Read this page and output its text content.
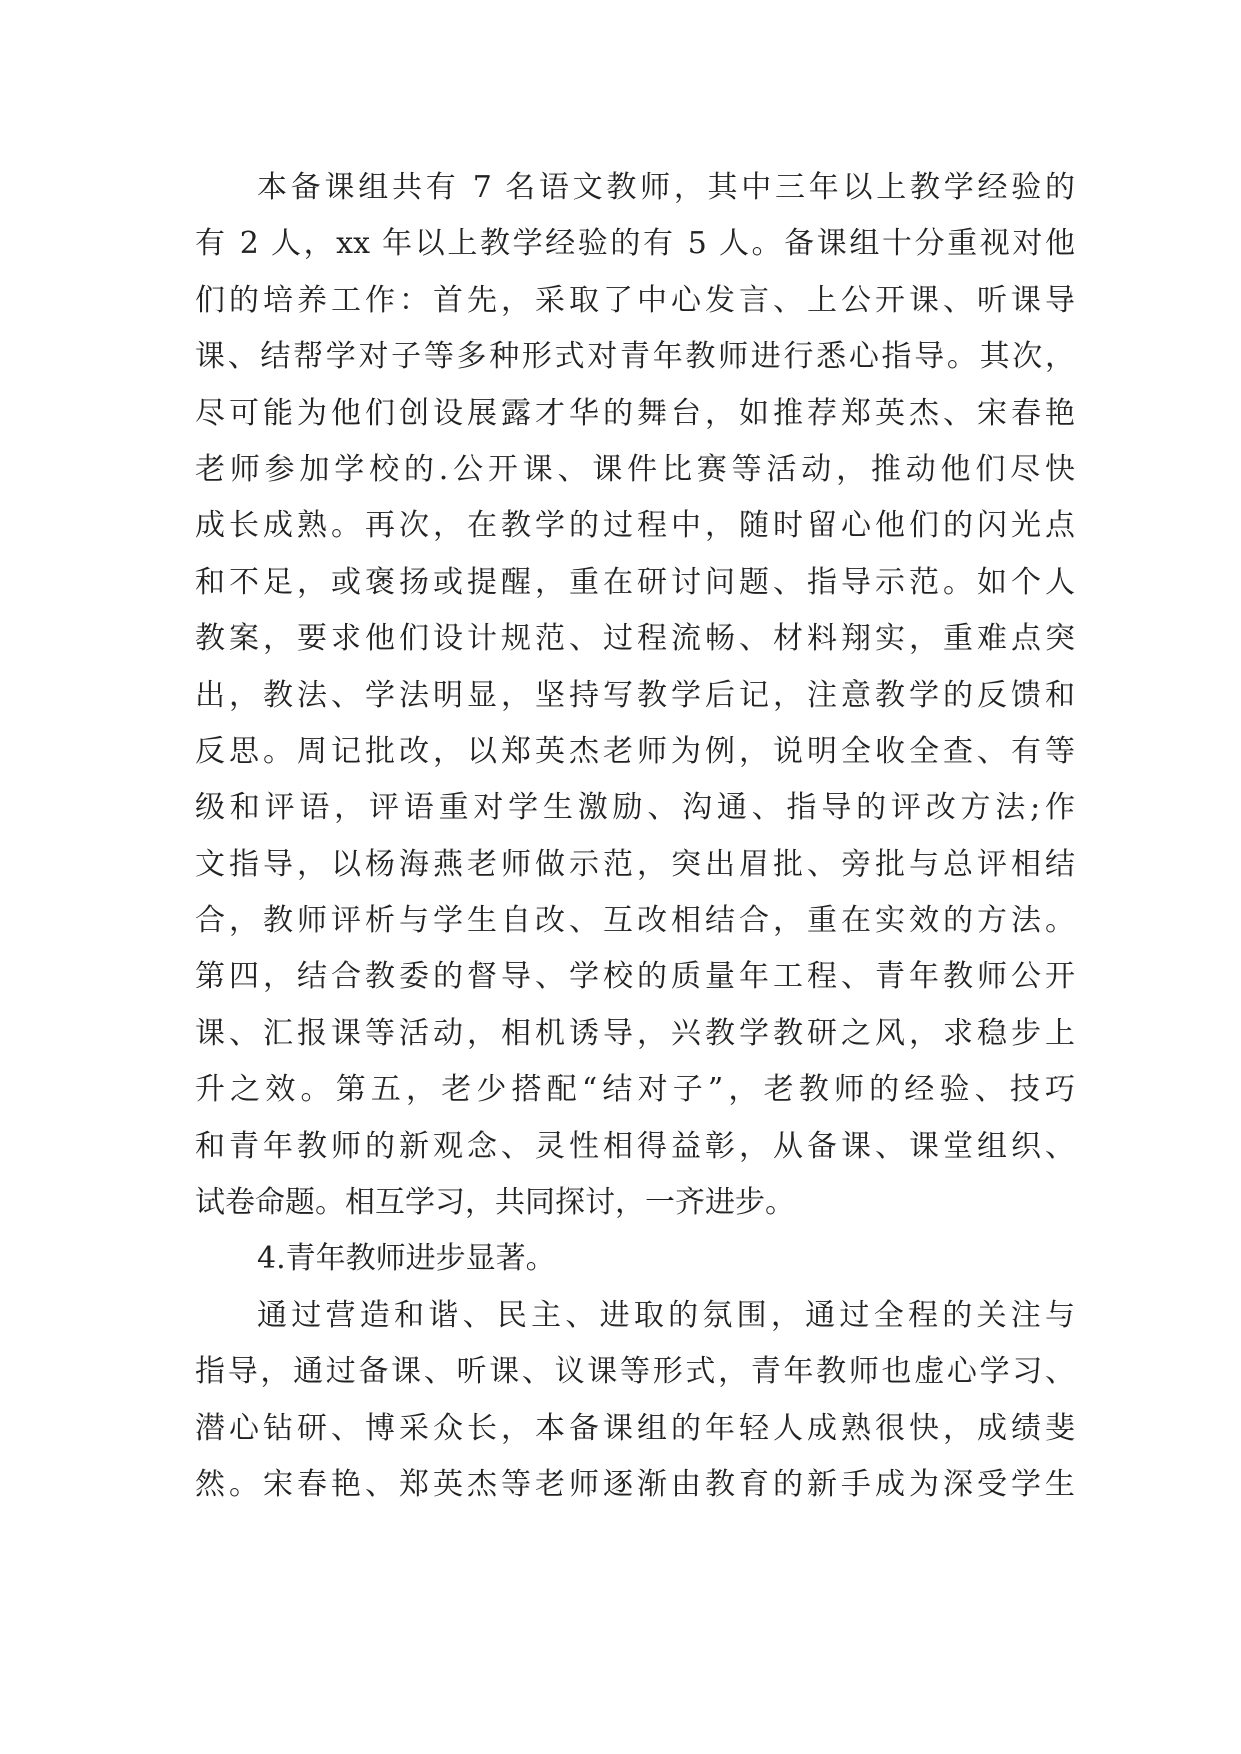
本备课组共有 7 名语文教师，其中三年以上教学经验的
有 2 人，xx 年以上教学经验的有 5 人。备课组十分重视对他
们的培养工作：首先，采取了中心发言、上公开课、听课导
课、结帮学对子等多种形式对青年教师进行悉心指导。其次，
尽可能为他们创设展露才华的舞台，如推荐郑英杰、宋春艳
老师参加学校的.公开课、课件比赛等活动，推动他们尽快
成长成熟。再次，在教学的过程中，随时留心他们的闪光点
和不足，或褒扬或提醒，重在研讨问题、指导示范。如个人
教案，要求他们设计规范、过程流畅、材料翔实，重难点突
出，教法、学法明显，坚持写教学后记，注意教学的反馈和
反思。周记批改，以郑英杰老师为例，说明全收全查、有等
级和评语，评语重对学生激励、沟通、指导的评改方法;作
文指导，以杨海燕老师做示范，突出眉批、旁批与总评相结
合，教师评析与学生自改、互改相结合，重在实效的方法。
第四，结合教委的督导、学校的质量年工程、青年教师公开
课、汇报课等活动，相机诱导，兴教学教研之风，求稳步上
升之效。第五，老少搭配“结对子”，老教师的经验、技巧
和青年教师的新观念、灵性相得益彰，从备课、课堂组织、
试卷命题。相互学习，共同探讨，一齐进步。
4.青年教师进步显著。
通过营造和谐、民主、进取的氛围，通过全程的关注与
指导，通过备课、听课、议课等形式，青年教师也虚心学习、
潜心钻研、博采众长，本备课组的年轻人成熟很快，成绩斐
然。宋春艳、郑英杰等老师逐渐由教育的新手成为深受学生
